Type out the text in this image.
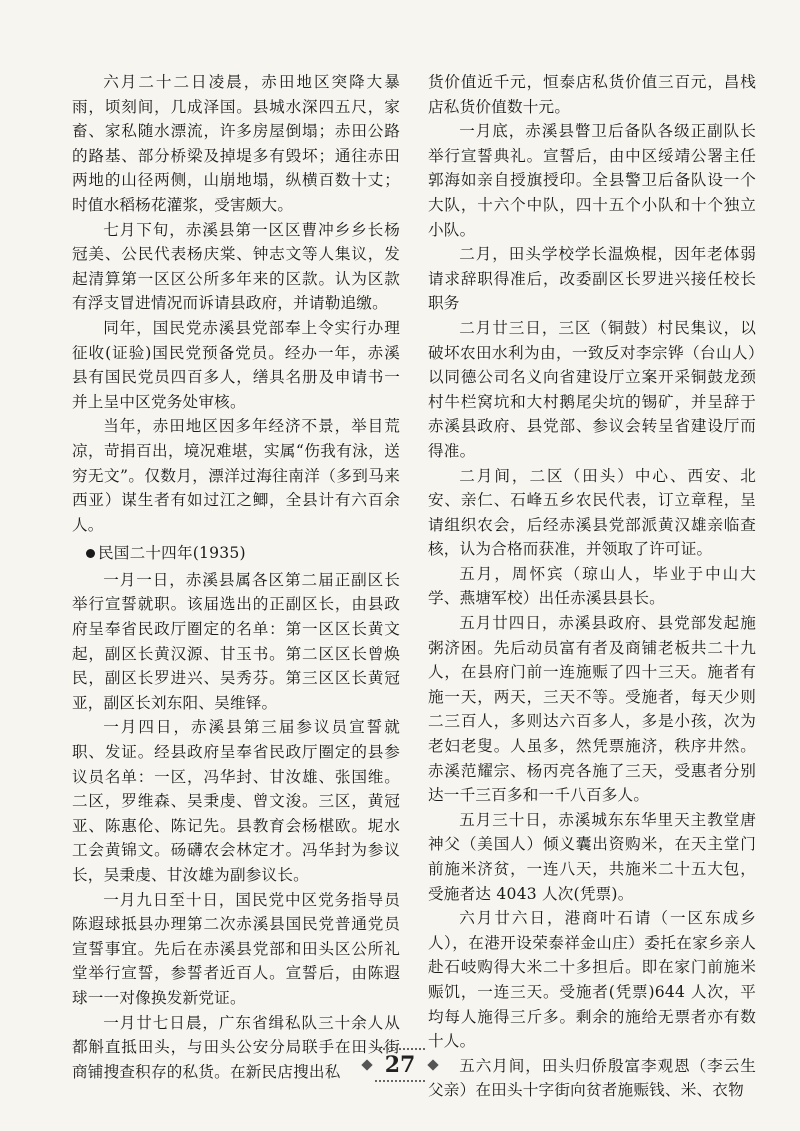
六月二十二日凌晨，赤田地区突降大暴雨，顷刻间，几成泽国。县城水深四五尺，家畜、家私随水漂流，许多房屋倒塌；赤田公路的路基、部分桥梁及掉堤多有毁坏；通往赤田两地的山径两侧，山崩地塌，纵横百数十丈；时值水稻杨花灌浆，受害颇大。

七月下旬，赤溪县第一区区曹冲乡乡长杨冠美、公民代表杨庆棠、钟志文等人集议，发起清算第一区区公所多年来的区款。认为区款有浮支冒进情况而诉请县政府，并请勒追缴。

同年，国民党赤溪县党部奉上令实行办理征收(证验)国民党预备党员。经办一年，赤溪县有国民党员四百多人，缮具名册及申请书一并上呈中区党务处审核。

当年，赤田地区因多年经济不景，举目荒凉，苛捐百出，境况难堪，实属“伤我有泳，送穷无文”。仅数月，漂洋过海往南洋（多到马来西亚）谋生者有如过江之鲫，全县计有六百余人。

民国二十四年(1935)

一月一日，赤溪县属各区第二届正副区长举行宣誓就职。该届选出的正副区长，由县政府呈奉省民政厅圈定的名单：第一区区长黄文起，副区长黄汉源、甘玉书。第二区区长曾焕民，副区长罗进兴、吴秀芬。第三区区长黄冠亚，副区长刘东阳、吴维铎。

一月四日，赤溪县第三届参议员宣誓就职、发证。经县政府呈奉省民政厅圈定的县参议员名单：一区，冯华封、甘汝雄、张国维。二区，罗维森、吴秉虔、曾文浚。三区，黄冠亚、陈惠伦、陈记先。县教育会杨椹欧。坭水工会黄锦文。砀礴农会林定才。冯华封为参议长，吴秉虔、甘汝雄为副参议长。

一月九日至十日，国民党中区党务指导员陈遐球抵县办理第二次赤溪县国民党普通党员宣誓事宜。先后在赤溪县党部和田头区公所礼堂举行宣誓，参誓者近百人。宣誓后，由陈遐球一一对像换发新党证。

一月廿七日晨，广东省缉私队三十余人从都斛直抵田头，与田头公安分局联手在田头街商铺搜查积存的私货。在新民店搜出私

货价值近千元，恒泰店私货价值三百元，昌栈店私货价值数十元。

一月底，赤溪县瞥卫后备队各级正副队长举行宣誓典礼。宣誓后，由中区绥靖公署主任郭海如亲自授旗授印。全县警卫后备队设一个大队，十六个中队，四十五个小队和十个独立小队。

二月，田头学校学长温焕棍，因年老体弱请求辞职得准后，改委副区长罗进兴接任校长职务

二月廿三日，三区（铜鼓）村民集议，以破坏农田水利为由，一致反对李宗铧（台山人）以同德公司名义向省建设厅立案开采铜鼓龙颈村牛栏窝坑和大村鹅尾尖坑的锡矿，并呈辞于赤溪县政府、县党部、参议会转呈省建设厅而得准。

二月间，二区（田头）中心、西安、北安、亲仁、石峰五乡农民代表，订立章程，呈请组织农会，后经赤溪县党部派黄汉雄亲临查核，认为合格而获准，并领取了许可证。

五月，周怀宾（琼山人，毕业于中山大学、燕塘军校）出任赤溪县县长。

五月廿四日，赤溪县政府、县党部发起施粥济困。先后动员富有者及商铺老板共二十九人，在县府门前一连施赈了四十三天。施者有施一天，两天，三天不等。受施者，每天少则二三百人，多则达六百多人，多是小孩，次为老妇老叟。人虽多，然凭票施济，秩序井然。赤溪范耀宗、杨丙亮各施了三天，受惠者分别达一千三百多和一千八百多人。

五月三十日，赤溪城东东华里天主教堂唐神父（美国人）倾义囊出资购米，在天主堂门前施米济贫，一连八天，共施米二十五大包，受施者达 4043 人次(凭票)。

六月廿六日，港商叶石请（一区东成乡人），在港开设荣泰祥金山庄）委托在家乡亲人赴石岐购得大米二十多担后。即在家门前施米赈饥，一连三天。受施者(凭票)644 人次，平均每人施得三斤多。剩余的施给无票者亦有数十人。

五六月间，田头归侨殷富李观恩（李云生父亲）在田头十字街向贫者施赈钱、米、衣物

27
